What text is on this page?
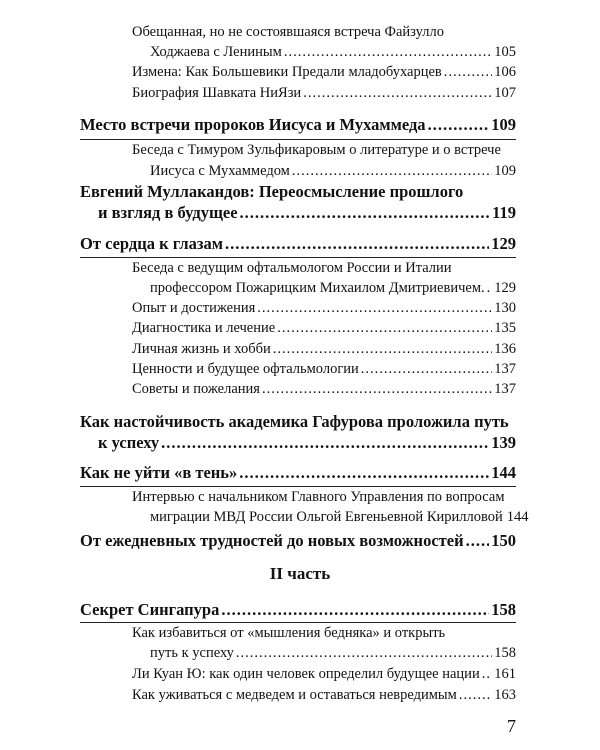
Обещанная, но не состоявшаяся встреча Файзулло
Ходжаева с Лениным .....	105
Измена: Как Большевики Предали младобухарцев .....	106
Биография Шавката НиЯзи .....	107
Место встречи пророков Иисуса и Мухаммеда .....	109
Беседа с Тимуром Зульфикаровым о литературе и о встрече
Иисуса с Мухаммедом .....	109
Евгений Муллакандов: Переосмысление прошлого
и взгляд в будущее .....	119
От сердца к глазам .....	129
Беседа с ведущим офтальмологом России и Италии
профессором Пожарицким Михаилом Дмитриевичем. ..... 129
Опыт и достижения .....	130
Диагностика и лечение .....	135
Личная жизнь и хобби .....	136
Ценности и будущее офтальмологии .....	137
Советы и пожелания .....	137
Как настойчивость академика Гафурова проложила путь
к успеху .....	139
Как не уйти «в тень» .....	144
Интервью с начальником Главного Управления по вопросам
миграции МВД России Ольгой Евгеньевной Кирилловой 144
От ежедневных трудностей до новых возможностей ..... 150
II часть
Секрет Сингапура .....	158
Как избавиться от «мышления бедняка» и открыть
путь к успеху .....	158
Ли Куан Ю: как один человек определил будущее нации ..... 161
Как уживаться с медведем и оставаться невредимым .....	163
7
